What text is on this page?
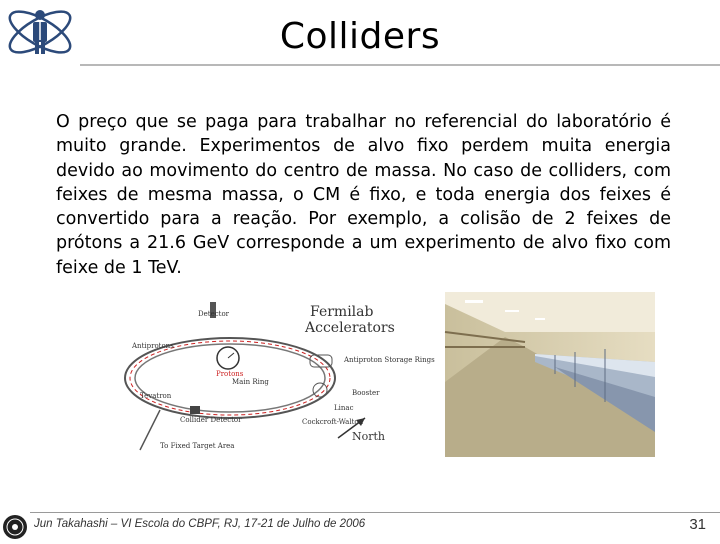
Colliders
O preço que se paga para trabalhar no referencial do laboratório é muito grande. Experimentos de alvo fixo perdem muita energia devido ao movimento do centro de massa. No caso de colliders, com feixes de mesma massa, o CM é fixo, e toda energia dos feixes é convertido para a reação. Por exemplo, a colisão de 2 feixes de prótons a 21.6 GeV corresponde a um experimento de alvo fixo com feixe de 1 TeV.
Fermilab
Accelerators
Detector
Antiprotons
Protons
Main Ring
Tevatron
Collider Detector
To Fixed Target Area
Antiproton Storage Rings
Booster
Linac
Cockcroft-Walton
North
Jun Takahashi – VI Escola do CBPF, RJ, 17-21 de Julho de 2006	31
